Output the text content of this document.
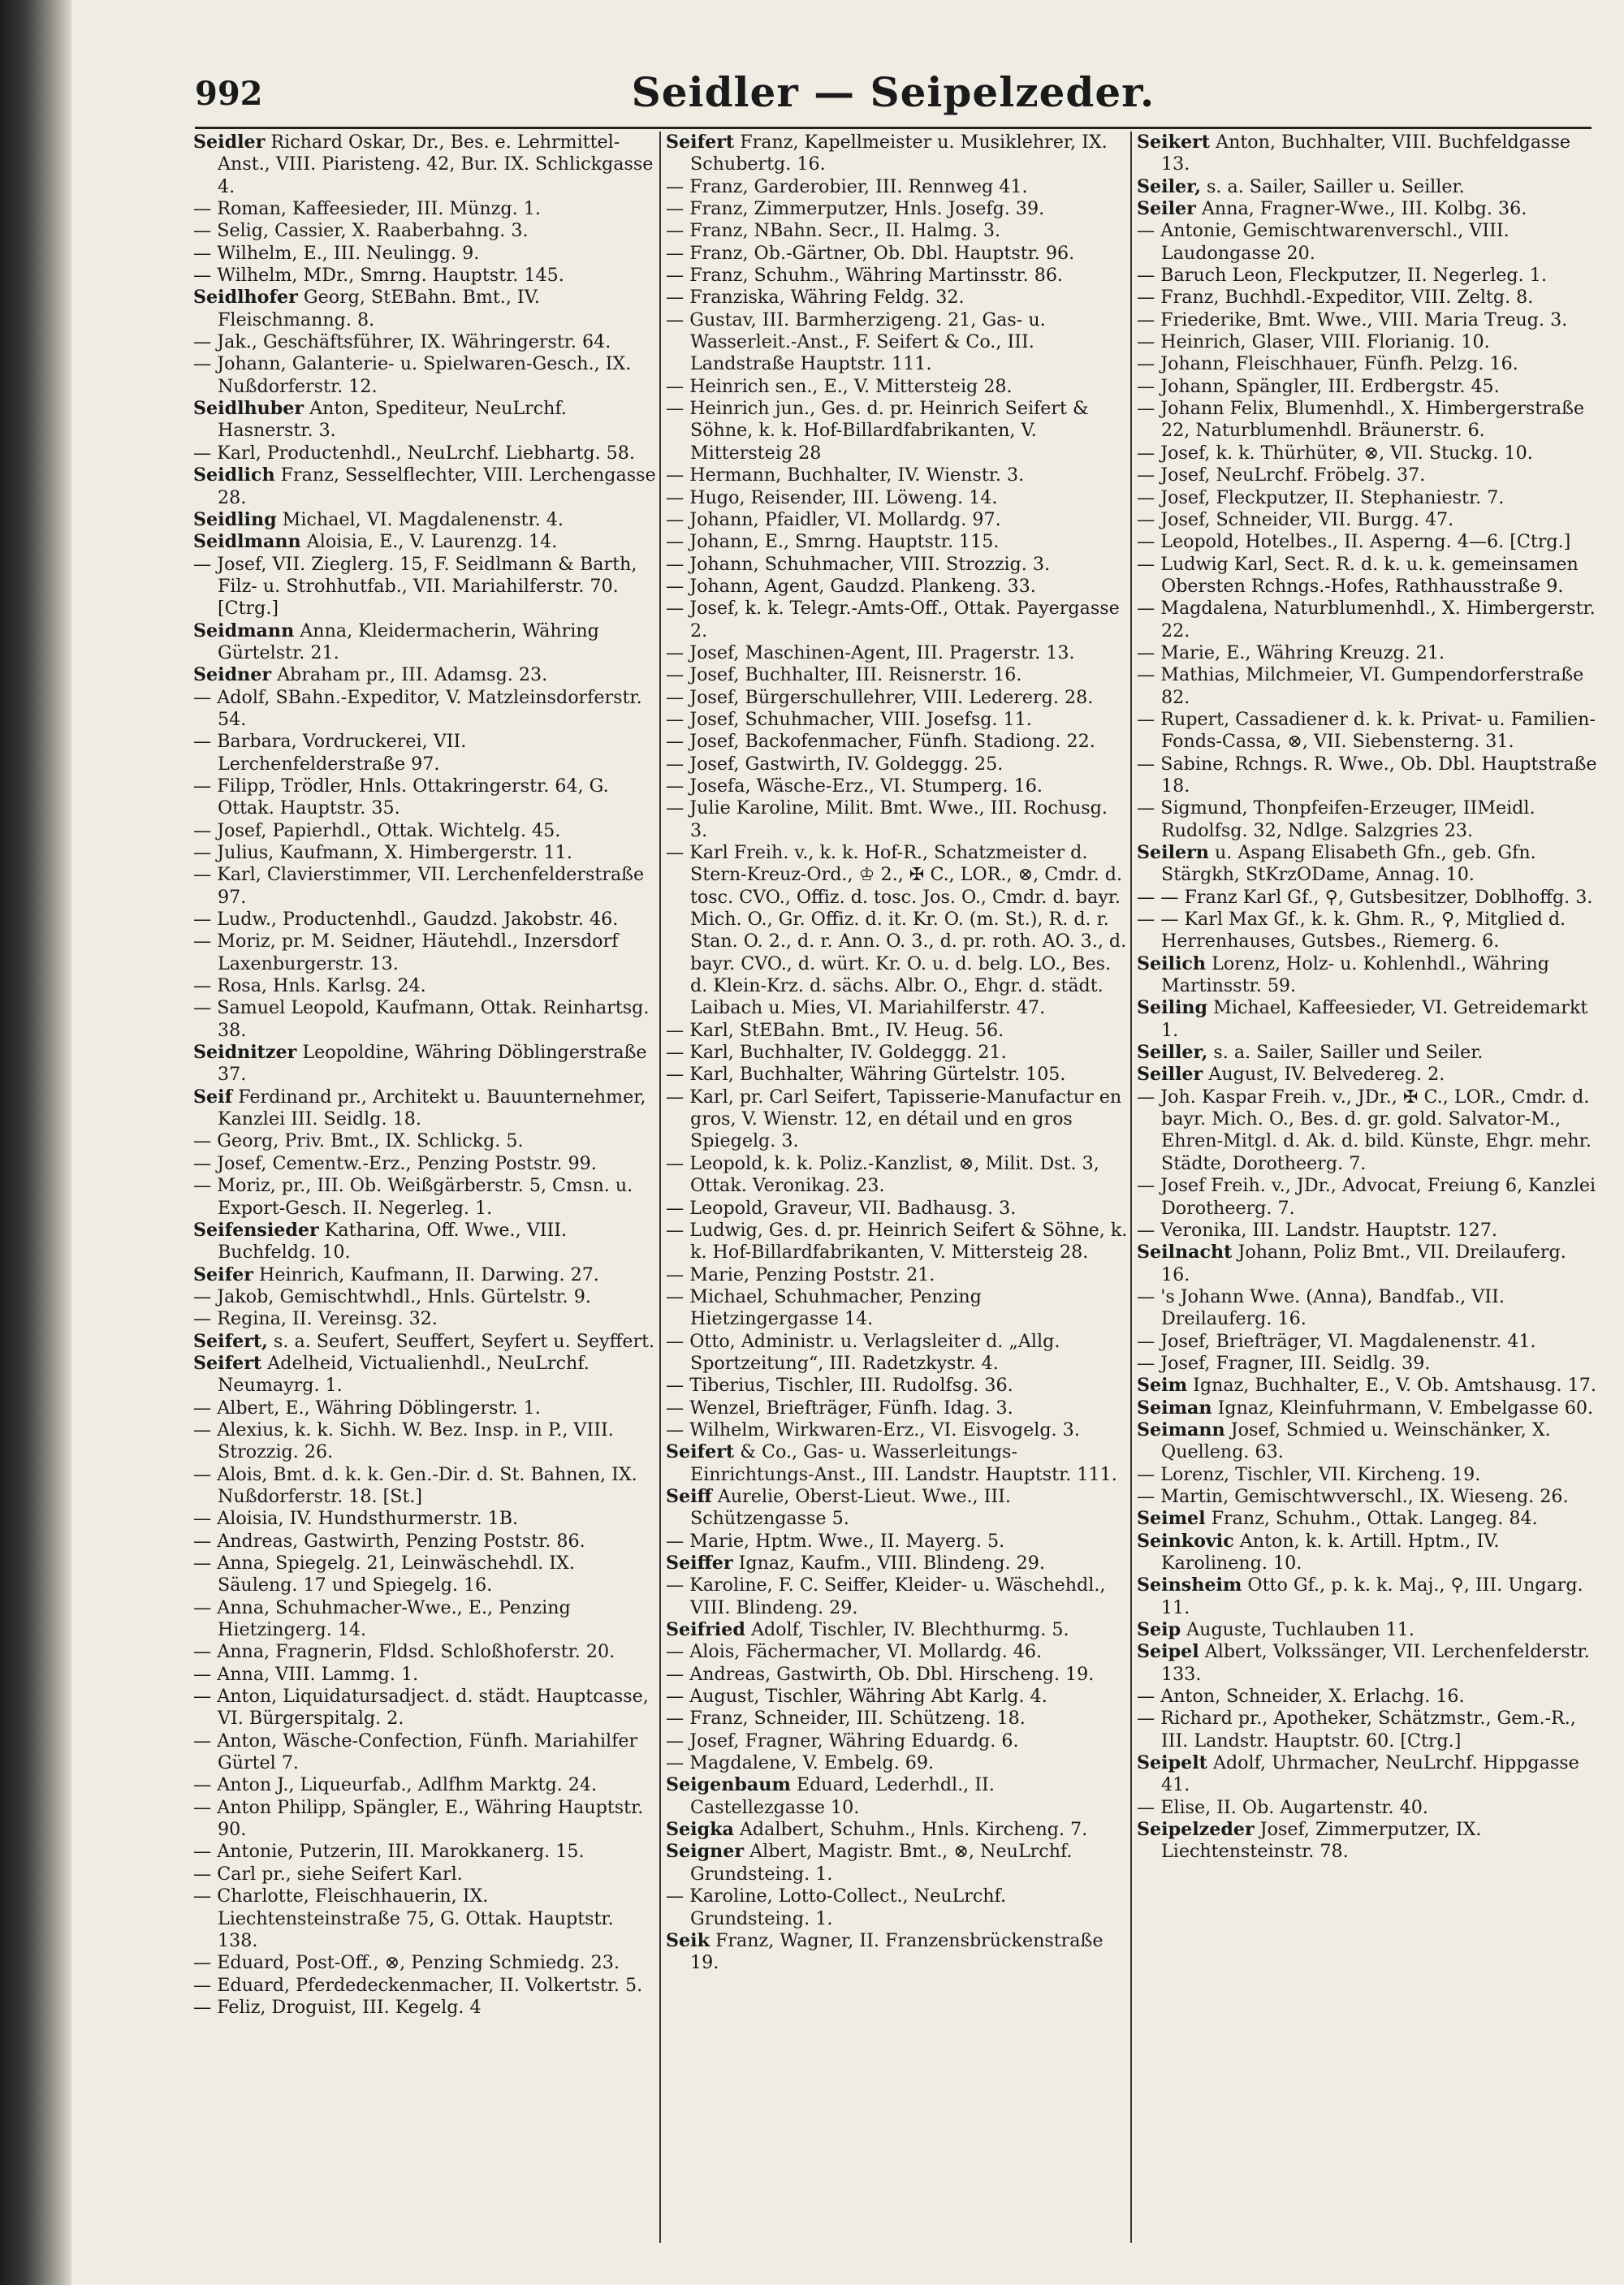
992	Seidler — Seipelzeder.
Seidler Richard Oskar, Dr., Bes. e. Lehrmittel-Anst., VIII. Piaristeng. 42, Bur. IX. Schlickgasse 4.
— Roman, Kaffeesieder, III. Münzg. 1.
— Selig, Cassier, X. Raaberbahng. 3.
— Wilhelm, E., III. Neulingg. 9.
— Wilhelm, MDr., Smrng. Hauptstr. 145.
Seidlhofer Georg, StEBahn. Bmt., IV. Fleischmanng. 8.
— Jak., Geschäftsführer, IX. Währingerstr. 64.
— Johann, Galanterie- u. Spielwaren-Gesch., IX. Nußdorferstr. 12.
Seidlhuber Anton, Spediteur, NeuLrchf. Hasnerstr. 3.
— Karl, Productenhdl., NeuLrchf. Liebhartg. 58.
Seidlich Franz, Sesselflechter, VIII. Lerchengasse 28.
Seidling Michael, VI. Magdalenenstr. 4.
Seidlmann Aloisia, E., V. Laurenzg. 14.
— Josef, VII. Zieglerg. 15, F. Seidlmann & Barth, Filz- u. Strohhutfab., VII. Mariahilferstr. 70. [Ctrg.]
Seidmann Anna, Kleidermacherin, Währing Gürtelstr. 21.
Seidner Abraham pr., III. Adamsg. 23.
— Adolf, SBahn.-Expeditor, V. Matzleinsdorferstr. 54.
— Barbara, Vordruckerei, VII. Lerchenfelderstraße 97.
— Filipp, Trödler, Hnls. Ottakringerstr. 64, G. Ottak. Hauptstr. 35.
— Josef, Papierhdl., Ottak. Wichtelg. 45.
— Julius, Kaufmann, X. Himbergerstr. 11.
— Karl, Clavierstimmer, VII. Lerchenfelderstraße 97.
— Ludw., Productenhdl., Gaudzd. Jakobstr. 46.
— Moriz, pr. M. Seidner, Häutehdl., Inzersdorf Laxenburgerstr. 13.
— Rosa, Hnls. Karlsg. 24.
— Samuel Leopold, Kaufmann, Ottak. Reinhartsg. 38.
Seidnitzer Leopoldine, Währing Döblingerstraße 37.
Seif Ferdinand pr., Architekt u. Bauunternehmer, Kanzlei III. Seidlg. 18.
— Georg, Priv. Bmt., IX. Schlickg. 5.
— Josef, Cementw.-Erz., Penzing Poststr. 99.
— Moriz, pr., III. Ob. Weißgärberstr. 5, Cmsn. u. Export-Gesch. II. Negerleg. 1.
Seifensieder Katharina, Off. Wwe., VIII. Buchfeldg. 10.
Seifer Heinrich, Kaufmann, II. Darwing. 27.
— Jakob, Gemischtwhdl., Hnls. Gürtelstr. 9.
— Regina, II. Vereinsg. 32.
Seifert, s. a. Seufert, Seuffert, Seyfert u. Seyffert.
Seifert Adelheid, Victualienhdl., NeuLrchf. Neumayrg. 1.
— Albert, E., Währing Döblingerstr. 1.
— Alexius, k. k. Sichh. W. Bez. Insp. in P., VIII. Strozzig. 26.
— Alois, Bmt. d. k. k. Gen.-Dir. d. St. Bahnen, IX. Nußdorferstr. 18. [St.]
— Aloisia, IV. Hundsthurmerstr. 1B.
— Andreas, Gastwirth, Penzing Poststr. 86.
— Anna, Spiegelg. 21, Leinwäschehdl. IX. Säuleng. 17 und Spiegelg. 16.
— Anna, Schuhmacher-Wwe., E., Penzing Hietzingerg. 14.
— Anna, Fragnerin, Fldsd. Schloßhoferstr. 20.
— Anna, VIII. Lammg. 1.
— Anton, Liquidatursadject. d. städt. Hauptcasse, VI. Bürgerspitalg. 2.
— Anton, Wäsche-Confection, Fünfh. Mariahilfer Gürtel 7.
— Anton J., Liqueurfab., Adlfhm Marktg. 24.
— Anton Philipp, Spängler, E., Währing Hauptstr. 90.
— Antonie, Putzerin, III. Marokkanerg. 15.
— Carl pr., siehe Seifert Karl.
— Charlotte, Fleischhauerin, IX. Liechtensteinstraße 75, G. Ottak. Hauptstr. 138.
— Eduard, Post-Off., ⊗, Penzing Schmiedg. 23.
— Eduard, Pferdedeckenmacher, II. Volkertstr. 5.
— Feliz, Droguist, III. Kegelg. 4
Seifert Franz, Kapellmeister u. Musiklehrer, IX. Schubertg. 16.
— Franz, Garderobier, III. Rennweg 41.
— Franz, Zimmerputzer, Hnls. Josefg. 39.
— Franz, NBahn. Secr., II. Halmg. 3.
— Franz, Ob.-Gärtner, Ob. Dbl. Hauptstr. 96.
— Franz, Schuhm., Währing Martinsstr. 86.
— Franziska, Währing Feldg. 32.
— Gustav, III. Barmherzigeng. 21, Gas- u. Wasserleit.-Anst., F. Seifert & Co., III. Landstraße Hauptstr. 111.
— Heinrich sen., E., V. Mittersteig 28.
— Heinrich jun., Ges. d. pr. Heinrich Seifert & Söhne, k. k. Hof-Billardfabrikanten, V. Mittersteig 28
— Hermann, Buchhalter, IV. Wienstr. 3.
— Hugo, Reisender, III. Löweng. 14.
— Johann, Pfaidler, VI. Mollardg. 97.
— Johann, E., Smrng. Hauptstr. 115.
— Johann, Schuhmacher, VIII. Strozzig. 3.
— Johann, Agent, Gaudzd. Plankeng. 33.
— Josef, k. k. Telegr.-Amts-Off., Ottak. Payergasse 2.
— Josef, Maschinen-Agent, III. Pragerstr. 13.
— Josef, Buchhalter, III. Reisnerstr. 16.
— Josef, Bürgerschullehrer, VIII. Ledererg. 28.
— Josef, Schuhmacher, VIII. Josefsg. 11.
— Josef, Backofenmacher, Fünfh. Stadiong. 22.
— Josef, Gastwirth, IV. Goldeggg. 25.
— Josefa, Wäsche-Erz., VI. Stumperg. 16.
— Julie Karoline, Milit. Bmt. Wwe., III. Rochusg. 3.
— Karl Freih. v., k. k. Hof-R., Schatzmeister d. Stern-Kreuz-Ord., ♔ 2., ✠ C., LOR., ⊗, Cmdr. d. tosc. CVO., Offiz. d. tosc. Jos. O., Cmdr. d. bayr. Mich. O., Gr. Offiz. d. it. Kr. O. (m. St.), R. d. r. Stan. O. 2., d. r. Ann. O. 3., d. pr. roth. AO. 3., d. bayr. CVO., d. würt. Kr. O. u. d. belg. LO., Bes. d. Klein-Krz. d. sächs. Albr. O., Ehgr. d. städt. Laibach u. Mies, VI. Mariahilferstr. 47.
— Karl, StEBahn. Bmt., IV. Heug. 56.
— Karl, Buchhalter, IV. Goldeggg. 21.
— Karl, Buchhalter, Währing Gürtelstr. 105.
— Karl, pr. Carl Seifert, Tapisserie-Manufactur en gros, V. Wienstr. 12, en détail und en gros Spiegelg. 3.
— Leopold, k. k. Poliz.-Kanzlist, ⊗, Milit. Dst. 3, Ottak. Veronikag. 23.
— Leopold, Graveur, VII. Badhausg. 3.
— Ludwig, Ges. d. pr. Heinrich Seifert & Söhne, k. k. Hof-Billardfabrikanten, V. Mittersteig 28.
— Marie, Penzing Poststr. 21.
— Michael, Schuhmacher, Penzing Hietzingergasse 14.
— Otto, Administr. u. Verlagsleiter d. „Allg. Sportzeitung“, III. Radetzkystr. 4.
— Tiberius, Tischler, III. Rudolfsg. 36.
— Wenzel, Briefträger, Fünfh. Idag. 3.
— Wilhelm, Wirkwaren-Erz., VI. Eisvogelg. 3.
Seifert & Co., Gas- u. Wasserleitungs-Einrichtungs-Anst., III. Landstr. Hauptstr. 111.
Seiff Aurelie, Oberst-Lieut. Wwe., III. Schützengasse 5.
— Marie, Hptm. Wwe., II. Mayerg. 5.
Seiffer Ignaz, Kaufm., VIII. Blindeng. 29.
— Karoline, F. C. Seiffer, Kleider- u. Wäschehdl., VIII. Blindeng. 29.
Seifried Adolf, Tischler, IV. Blechthurmg. 5.
— Alois, Fächermacher, VI. Mollardg. 46.
— Andreas, Gastwirth, Ob. Dbl. Hirscheng. 19.
— August, Tischler, Währing Abt Karlg. 4.
— Franz, Schneider, III. Schützeng. 18.
— Josef, Fragner, Währing Eduardg. 6.
— Magdalene, V. Embelg. 69.
Seigenbaum Eduard, Lederhdl., II. Castellezgasse 10.
Seigka Adalbert, Schuhm., Hnls. Kircheng. 7.
Seigner Albert, Magistr. Bmt., ⊗, NeuLrchf. Grundsteing. 1.
— Karoline, Lotto-Collect., NeuLrchf. Grundsteing. 1.
Seik Franz, Wagner, II. Franzensbrückenstraße 19.
Seikert Anton, Buchhalter, VIII. Buchfeldgasse 13.
Seiler, s. a. Sailer, Sailler u. Seiller.
Seiler Anna, Fragner-Wwe., III. Kolbg. 36.
— Antonie, Gemischtwarenverschl., VIII. Laudongasse 20.
— Baruch Leon, Fleckputzer, II. Negerleg. 1.
— Franz, Buchhdl.-Expeditor, VIII. Zeltg. 8.
— Friederike, Bmt. Wwe., VIII. Maria Treug. 3.
— Heinrich, Glaser, VIII. Florianig. 10.
— Johann, Fleischhauer, Fünfh. Pelzg. 16.
— Johann, Spängler, III. Erdbergstr. 45.
— Johann Felix, Blumenhdl., X. Himbergerstraße 22, Naturblumenhdl. Bräunerstr. 6.
— Josef, k. k. Thürhüter, ⊗, VII. Stuckg. 10.
— Josef, NeuLrchf. Fröbelg. 37.
— Josef, Fleckputzer, II. Stephaniestr. 7.
— Josef, Schneider, VII. Burgg. 47.
— Leopold, Hotelbes., II. Asperng. 4—6. [Ctrg.]
— Ludwig Karl, Sect. R. d. k. u. k. gemeinsamen Obersten Rchngs.-Hofes, Rathhausstraße 9.
— Magdalena, Naturblumenhdl., X. Himbergerstr. 22.
— Marie, E., Währing Kreuzg. 21.
— Mathias, Milchmeier, VI. Gumpendorferstraße 82.
— Rupert, Cassadiener d. k. k. Privat- u. Familien-Fonds-Cassa, ⊗, VII. Siebensterng. 31.
— Sabine, Rchngs. R. Wwe., Ob. Dbl. Hauptstraße 18.
— Sigmund, Thonpfeifen-Erzeuger, IIMeidl. Rudolfsg. 32, Ndlge. Salzgries 23.
Seilern u. Aspang Elisabeth Gfn., geb. Gfn. Stärgkh, StKrzODame, Annag. 10.
— — Franz Karl Gf., ⚲, Gutsbesitzer, Doblhoffg. 3.
— — Karl Max Gf., k. k. Ghm. R., ⚲, Mitglied d. Herrenhauses, Gutsbes., Riemerg. 6.
Seilich Lorenz, Holz- u. Kohlenhdl., Währing Martinsstr. 59.
Seiling Michael, Kaffeesieder, VI. Getreidemarkt 1.
Seiller, s. a. Sailer, Sailler und Seiler.
Seiller August, IV. Belvedereg. 2.
— Joh. Kaspar Freih. v., JDr., ✠ C., LOR., Cmdr. d. bayr. Mich. O., Bes. d. gr. gold. Salvator-M., Ehren-Mitgl. d. Ak. d. bild. Künste, Ehgr. mehr. Städte, Dorotheerg. 7.
— Josef Freih. v., JDr., Advocat, Freiung 6, Kanzlei Dorotheerg. 7.
— Veronika, III. Landstr. Hauptstr. 127.
Seilnacht Johann, Poliz Bmt., VII. Dreilauferg. 16.
— 's Johann Wwe. (Anna), Bandfab., VII. Dreilauferg. 16.
— Josef, Briefträger, VI. Magdalenenstr. 41.
— Josef, Fragner, III. Seidlg. 39.
Seim Ignaz, Buchhalter, E., V. Ob. Amtshausg. 17.
Seiman Ignaz, Kleinfuhrmann, V. Embelgasse 60.
Seimann Josef, Schmied u. Weinschänker, X. Quelleng. 63.
— Lorenz, Tischler, VII. Kircheng. 19.
— Martin, Gemischtwverschl., IX. Wieseng. 26.
Seimel Franz, Schuhm., Ottak. Langeg. 84.
Seinkovic Anton, k. k. Artill. Hptm., IV. Karolineng. 10.
Seinsheim Otto Gf., p. k. k. Maj., ⚲, III. Ungarg. 11.
Seip Auguste, Tuchlauben 11.
Seipel Albert, Volkssänger, VII. Lerchenfelderstr. 133.
— Anton, Schneider, X. Erlachg. 16.
— Richard pr., Apotheker, Schätzmstr., Gem.-R., III. Landstr. Hauptstr. 60. [Ctrg.]
Seipelt Adolf, Uhrmacher, NeuLrchf. Hippgasse 41.
— Elise, II. Ob. Augartenstr. 40.
Seipelzeder Josef, Zimmerputzer, IX. Liechtensteinstr. 78.
